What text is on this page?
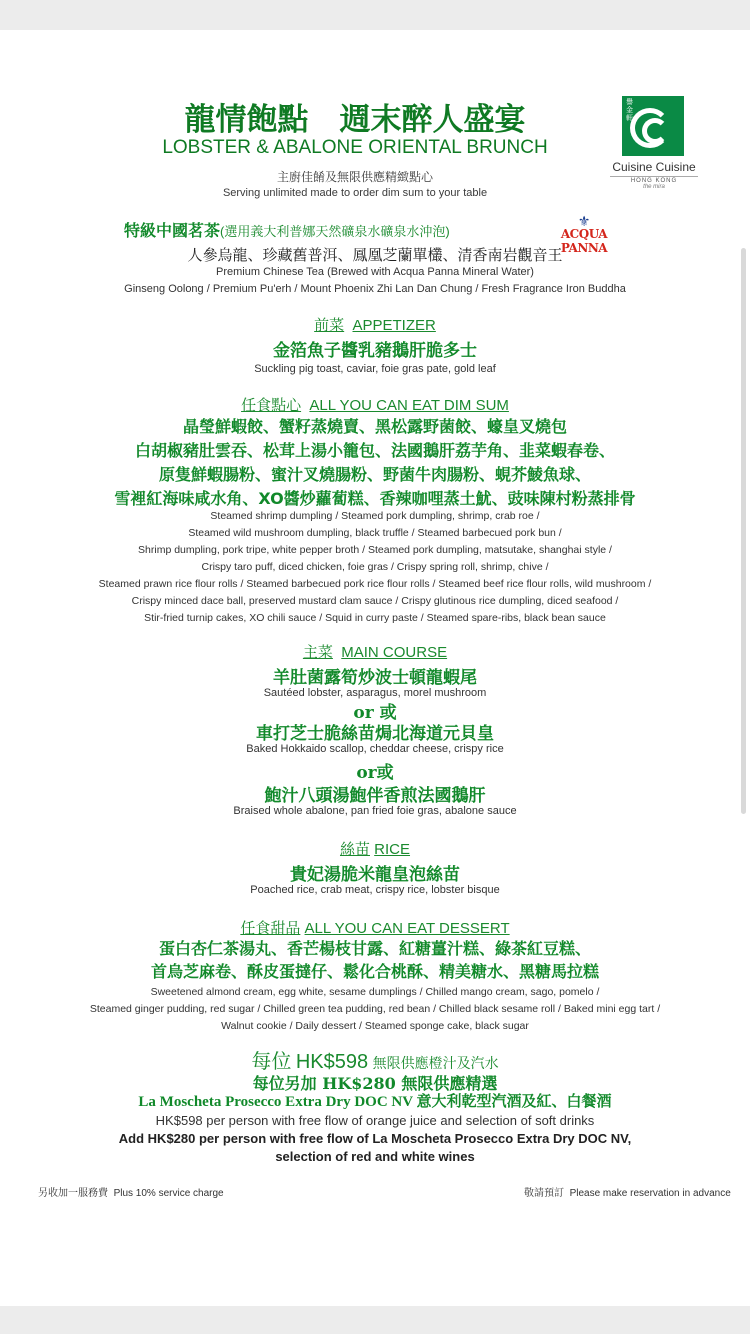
龍情飽點　週末醉人盛宴
LOBSTER & ABALONE ORIENTAL BRUNCH
主廚佳餚及無限供應精緻點心
Serving unlimited made to order dim sum to your table
譽金軒
Cuisine Cuisine
HONG KONG
the mira
特級中國茗茶(選用義大利普娜天然礦泉水礦泉水沖泡)
⚜
ACQUA PANNA
人參烏龍、珍藏舊普洱、鳳凰芝蘭單欉、清香南岩觀音王
Premium Chinese Tea (Brewed with Acqua Panna Mineral Water)
Ginseng Oolong / Premium Pu'erh / Mount Phoenix Zhi Lan Dan Chung / Fresh Fragrance Iron Buddha
前菜 APPETIZER
金箔魚子醬乳豬鵝肝脆多士
Suckling pig toast, caviar, foie gras pate, gold leaf
任食點心 ALL YOU CAN EAT DIM SUM
晶瑩鮮蝦餃、蟹籽蒸燒賣、黑松露野菌餃、蠔皇叉燒包
白胡椒豬肚雲吞、松茸上湯小籠包、法國鵝肝荔芋角、韭菜蝦春卷、
原隻鮮蝦腸粉、蜜汁叉燒腸粉、野菌牛肉腸粉、蜆芥鯪魚球、
雪裡紅海味咸水角、XO醬炒蘿蔔糕、香辣咖哩蒸土魷、豉味陳村粉蒸排骨
Steamed shrimp dumpling / Steamed pork dumpling, shrimp, crab roe /
Steamed wild mushroom dumpling, black truffle / Steamed barbecued pork bun /
Shrimp dumpling, pork tripe, white pepper broth / Steamed pork dumpling, matsutake, shanghai style /
Crispy taro puff, diced chicken, foie gras / Crispy spring roll, shrimp, chive /
Steamed prawn rice flour rolls / Steamed barbecued pork rice flour rolls / Steamed beef rice flour rolls, wild mushroom /
Crispy minced dace ball, preserved mustard clam sauce / Crispy glutinous rice dumpling, diced seafood /
Stir-fried turnip cakes, XO chili sauce / Squid in curry paste / Steamed spare-ribs, black bean sauce
主菜 MAIN COURSE
羊肚菌露筍炒波士頓龍蝦尾
Sautéed lobster, asparagus, morel mushroom
or 或
車打芝士脆絲苗焗北海道元貝皇
Baked Hokkaido scallop, cheddar cheese, crispy rice
or或
鮑汁八頭湯鮑伴香煎法國鵝肝
Braised whole abalone, pan fried foie gras, abalone sauce
絲苗 RICE
貴妃湯脆米龍皇泡絲苗
Poached rice, crab meat, crispy rice, lobster bisque
任食甜品 ALL YOU CAN EAT DESSERT
蛋白杏仁茶湯丸、香芒楊枝甘露、紅糖薑汁糕、綠茶紅豆糕、
首烏芝麻卷、酥皮蛋撻仔、鬆化合桃酥、精美糖水、黑糖馬拉糕
Sweetened almond cream, egg white, sesame dumplings / Chilled mango cream, sago, pomelo /
Steamed ginger pudding, red sugar / Chilled green tea pudding, red bean / Chilled black sesame roll / Baked mini egg tart /
Walnut cookie / Daily dessert / Steamed sponge cake, black sugar
每位 HK$598 無限供應橙汁及汽水
每位另加 HK$280 無限供應精選
La Moscheta Prosecco Extra Dry DOC NV 意大利乾型汽酒及紅、白餐酒
HK$598 per person with free flow of orange juice and selection of soft drinks
Add HK$280 per person with free flow of La Moscheta Prosecco Extra Dry DOC NV,
selection of red and white wines
另收加一服務費 Plus 10% service charge	敬請預訂 Please make reservation in advance
